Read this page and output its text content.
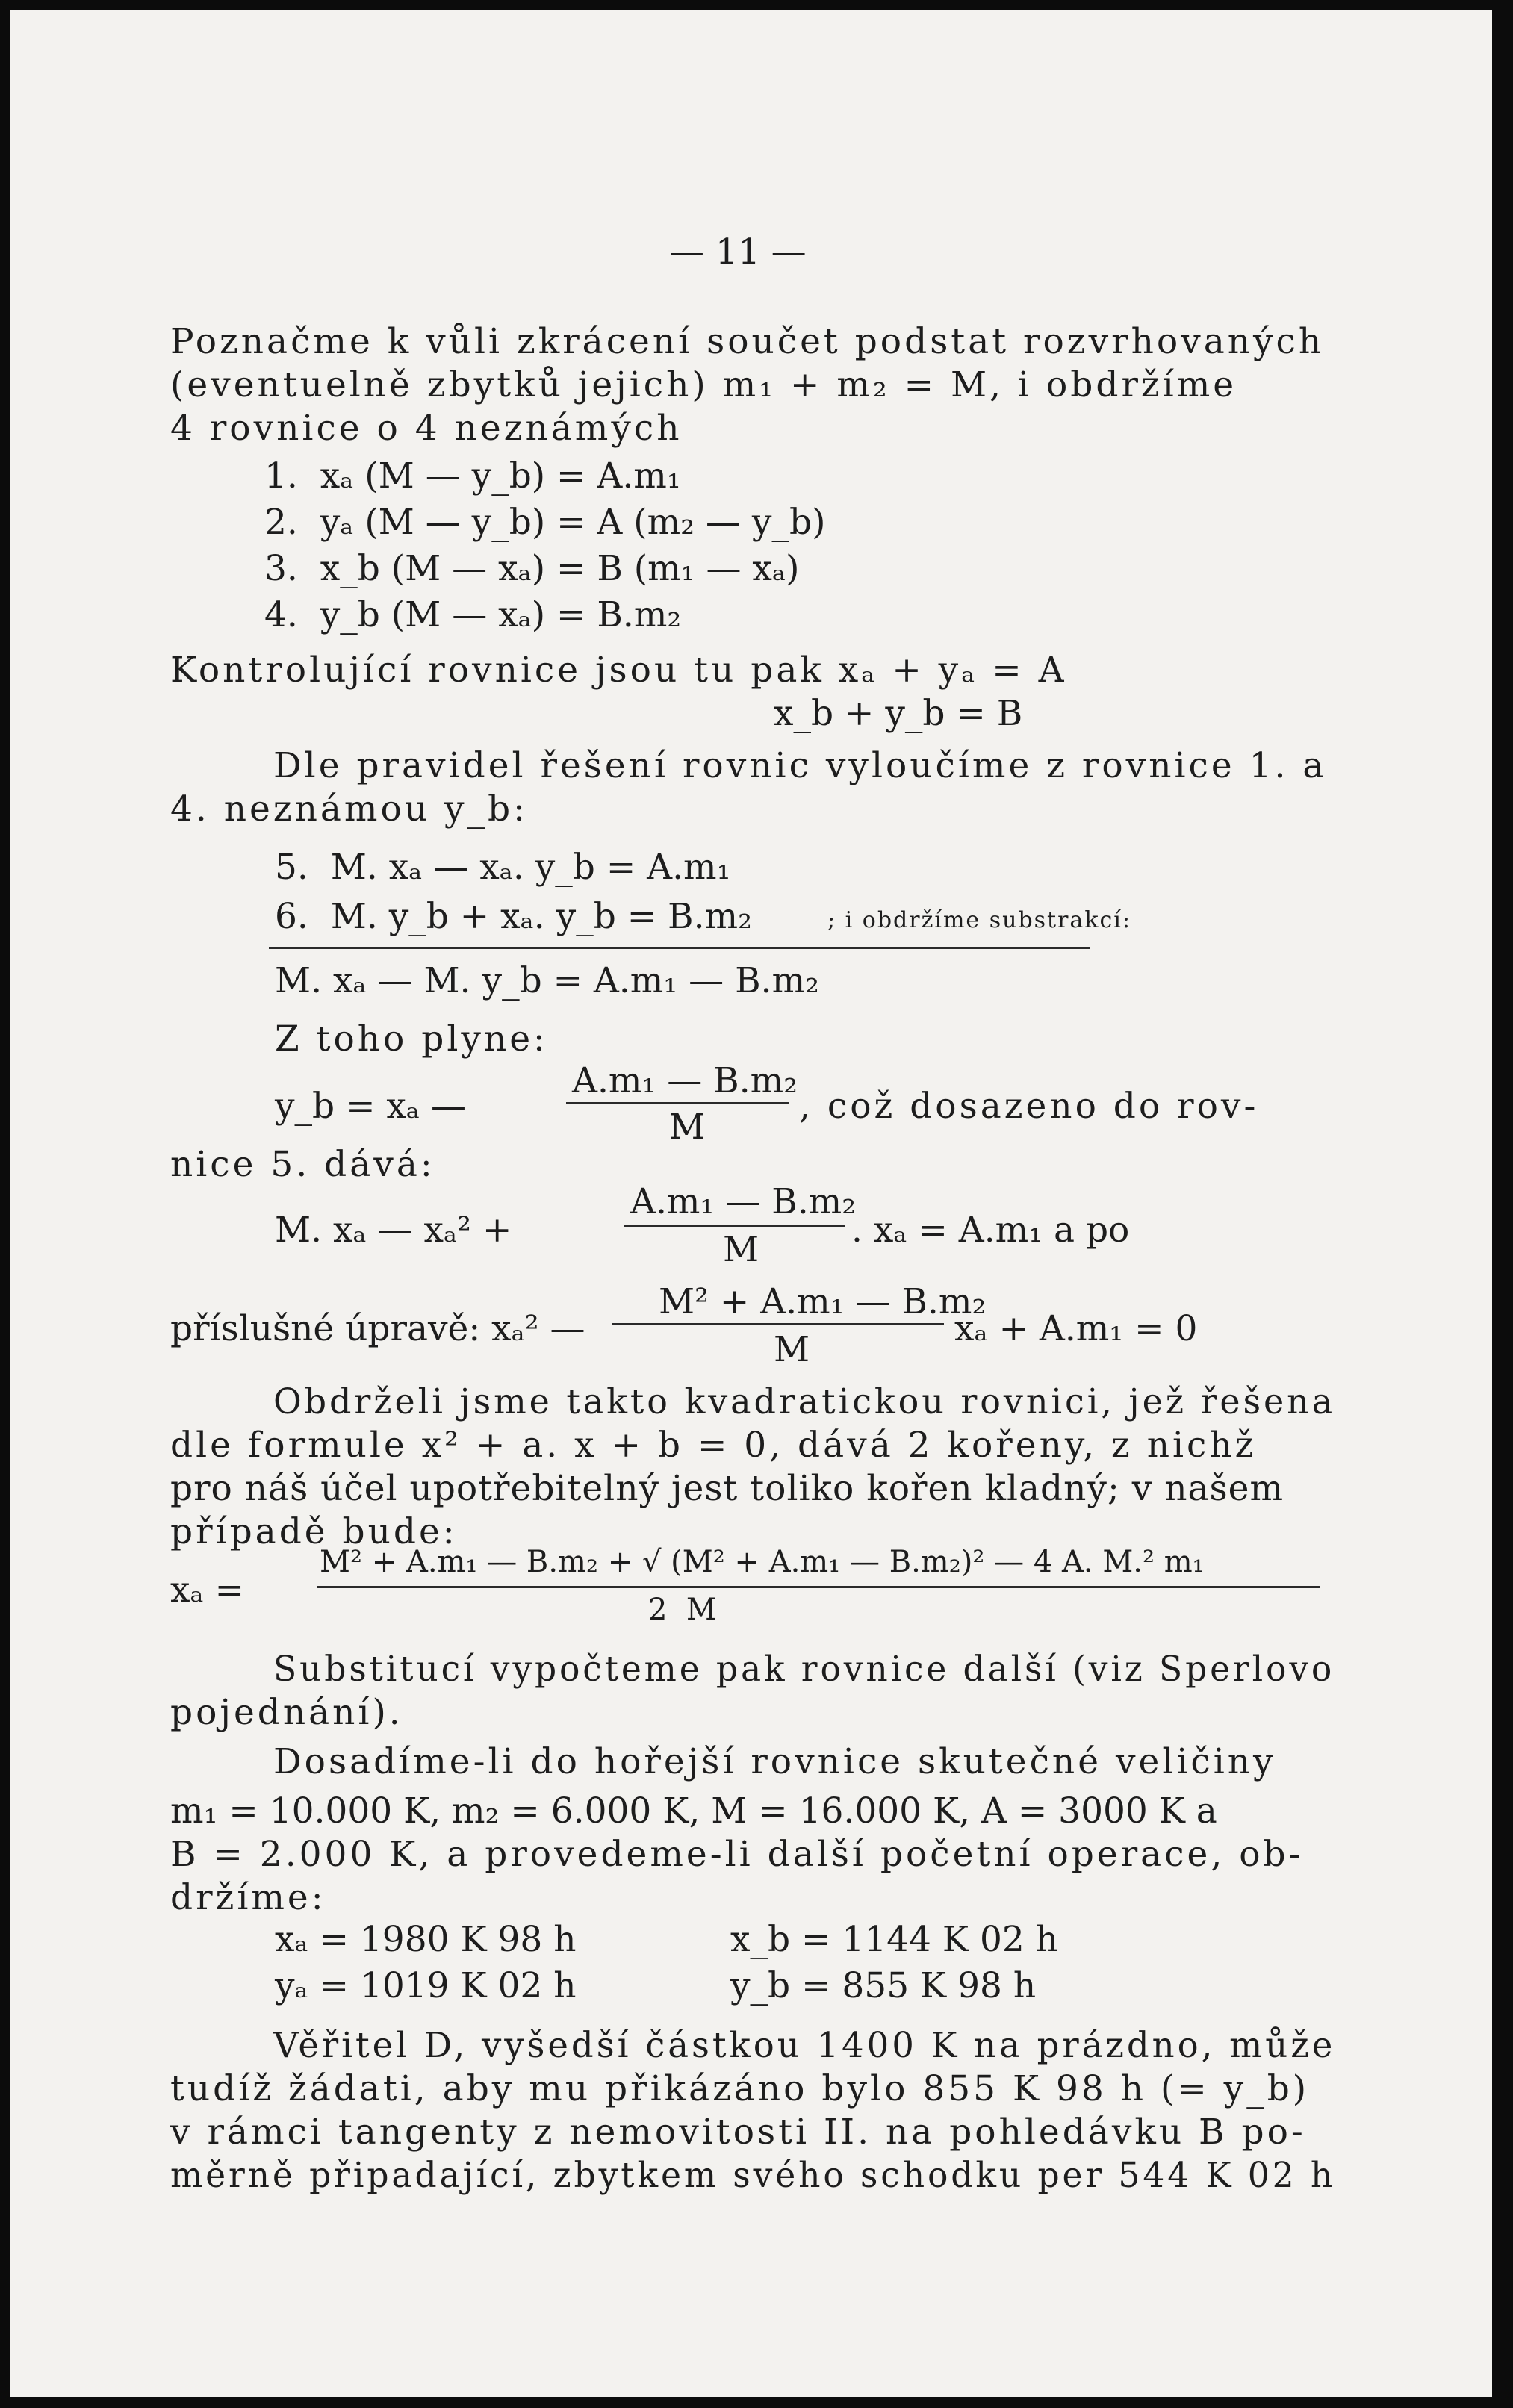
— 11 —
Poznačme k vůli zkrácení součet podstat rozvrhovaných
(eventuelně zbytků jejich) m₁ + m₂ = M, i obdržíme
4 rovnice o 4 neznámých
1.  xₐ (M — y_b) = A.m₁
2.  yₐ (M — y_b) = A (m₂ — y_b)
3.  x_b (M — xₐ) = B (m₁ — xₐ)
4.  y_b (M — xₐ) = B.m₂
Kontrolující rovnice jsou tu pak xₐ + yₐ = A
x_b + y_b = B
Dle pravidel řešení rovnic vyloučíme z rovnice 1. a
4. neznámou y_b:
5.  M. xₐ — xₐ. y_b = A.m₁
6.  M. y_b + xₐ. y_b = B.m₂	; i obdržíme substrakcí:
M. xₐ — M. y_b = A.m₁ — B.m₂
Z toho plyne:
y_b = xₐ —
A.m₁ — B.m₂
M
, což dosazeno do rov-
nice 5. dává:
M. xₐ — xₐ² +
A.m₁ — B.m₂
M	. xₐ = A.m₁ a po
příslušné úpravě: xₐ² —
M² + A.m₁ — B.m₂
M
xₐ + A.m₁ = 0
Obdrželi jsme takto kvadratickou rovnici, jež řešena
dle formule x² + a. x + b = 0, dává 2 kořeny, z nichž
pro náš účel upotřebitelný jest toliko kořen kladný; v našem
případě bude:
xₐ =
M² + A.m₁ — B.m₂ + √ (M² + A.m₁ — B.m₂)² — 4 A. M.² m₁
2  M
Substitucí vypočteme pak rovnice další (viz Sperlovo
pojednání).
Dosadíme-li do hořejší rovnice skutečné veličiny
m₁ = 10.000 K, m₂ = 6.000 K, M = 16.000 K, A = 3000 K a
B = 2.000 K, a provedeme-li další početní operace, ob-
držíme:
xₐ = 1980 K 98 h	x_b = 1144 K 02 h
yₐ = 1019 K 02 h	y_b = 855 K 98 h
Věřitel D, vyšedší částkou 1400 K na prázdno, může
tudíž žádati, aby mu přikázáno bylo 855 K 98 h (= y_b)
v rámci tangenty z nemovitosti II. na pohledávku B po-
měrně připadající, zbytkem svého schodku per 544 K 02 h
